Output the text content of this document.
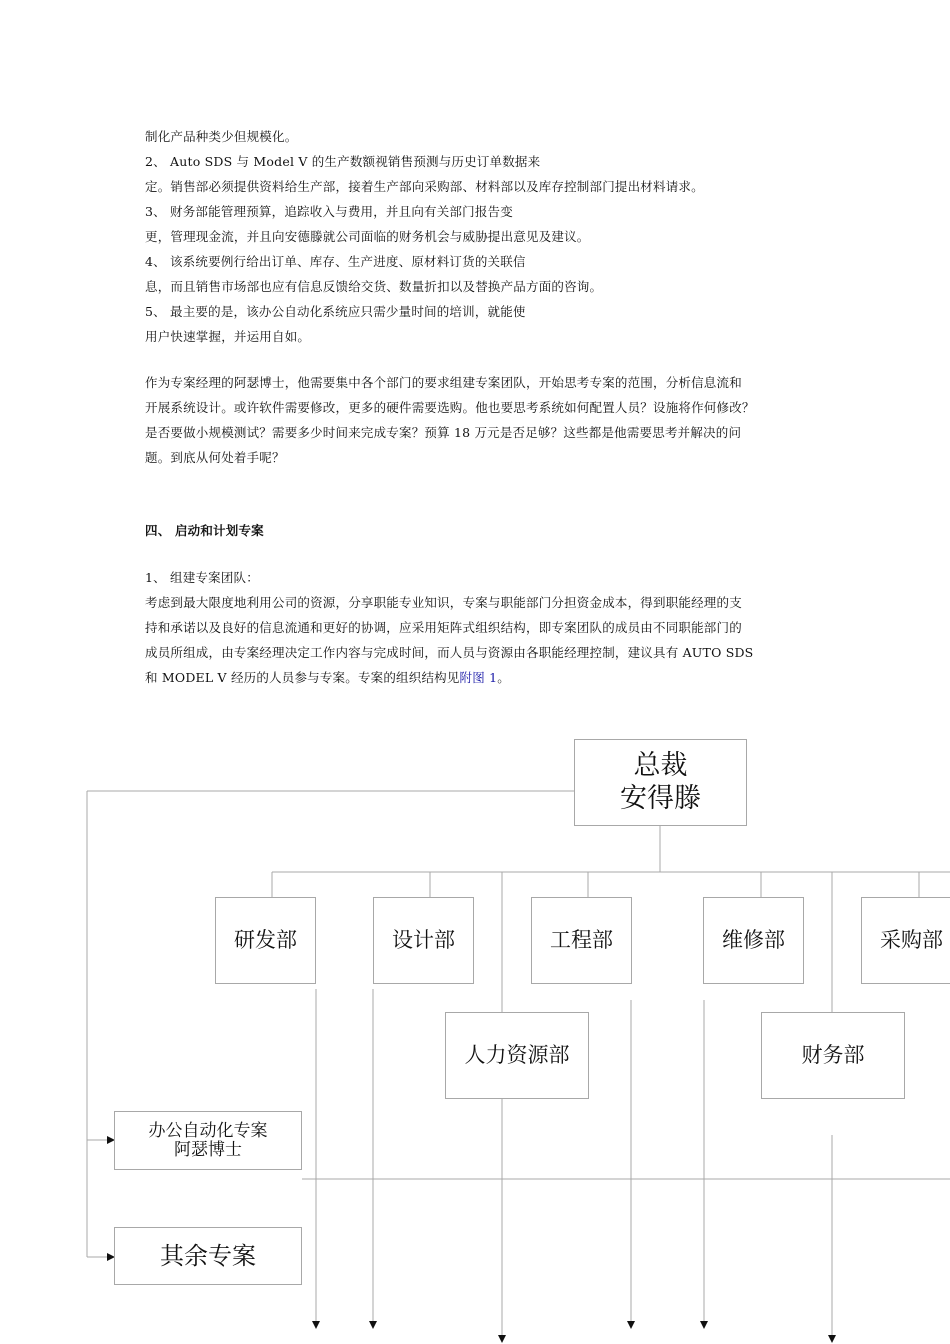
制化产品种类少但规模化。
2、 Auto SDS 与 Model V 的生产数额视销售预测与历史订单数据来
定。销售部必须提供资料给生产部，接着生产部向采购部、材料部以及库存控制部门提出材料请求。
3、 财务部能管理预算，追踪收入与费用，并且向有关部门报告变
更，管理现金流，并且向安德滕就公司面临的财务机会与威胁提出意见及建议。
4、 该系统要例行给出订单、库存、生产进度、原材料订货的关联信
息，而且销售市场部也应有信息反馈给交货、数量折扣以及替换产品方面的咨询。
5、 最主要的是，该办公自动化系统应只需少量时间的培训，就能使
用户快速掌握，并运用自如。
作为专案经理的阿瑟博士，他需要集中各个部门的要求组建专案团队，开始思考专案的范围，分析信息流和
开展系统设计。或许软件需要修改，更多的硬件需要选购。他也要思考系统如何配置人员？设施将作何修改？
是否要做小规模测试？需要多少时间来完成专案？预算 18 万元是否足够？这些都是他需要思考并解决的问
题。到底从何处着手呢？
四、 启动和计划专案
1、 组建专案团队：
考虑到最大限度地利用公司的资源，分享职能专业知识，专案与职能部门分担资金成本，得到职能经理的支
持和承诺以及良好的信息流通和更好的协调，应采用矩阵式组织结构，即专案团队的成员由不同职能部门的
成员所组成，由专案经理决定工作内容与完成时间，而人员与资源由各职能经理控制，建议具有 AUTO SDS
和 MODEL V 经历的人员参与专案。专案的组织结构见附图 1。
总裁
安得滕
研发部	设计部	工程部	维修部	采购部
人力资源部	财务部
办公自动化专案
阿瑟博士
其余专案
